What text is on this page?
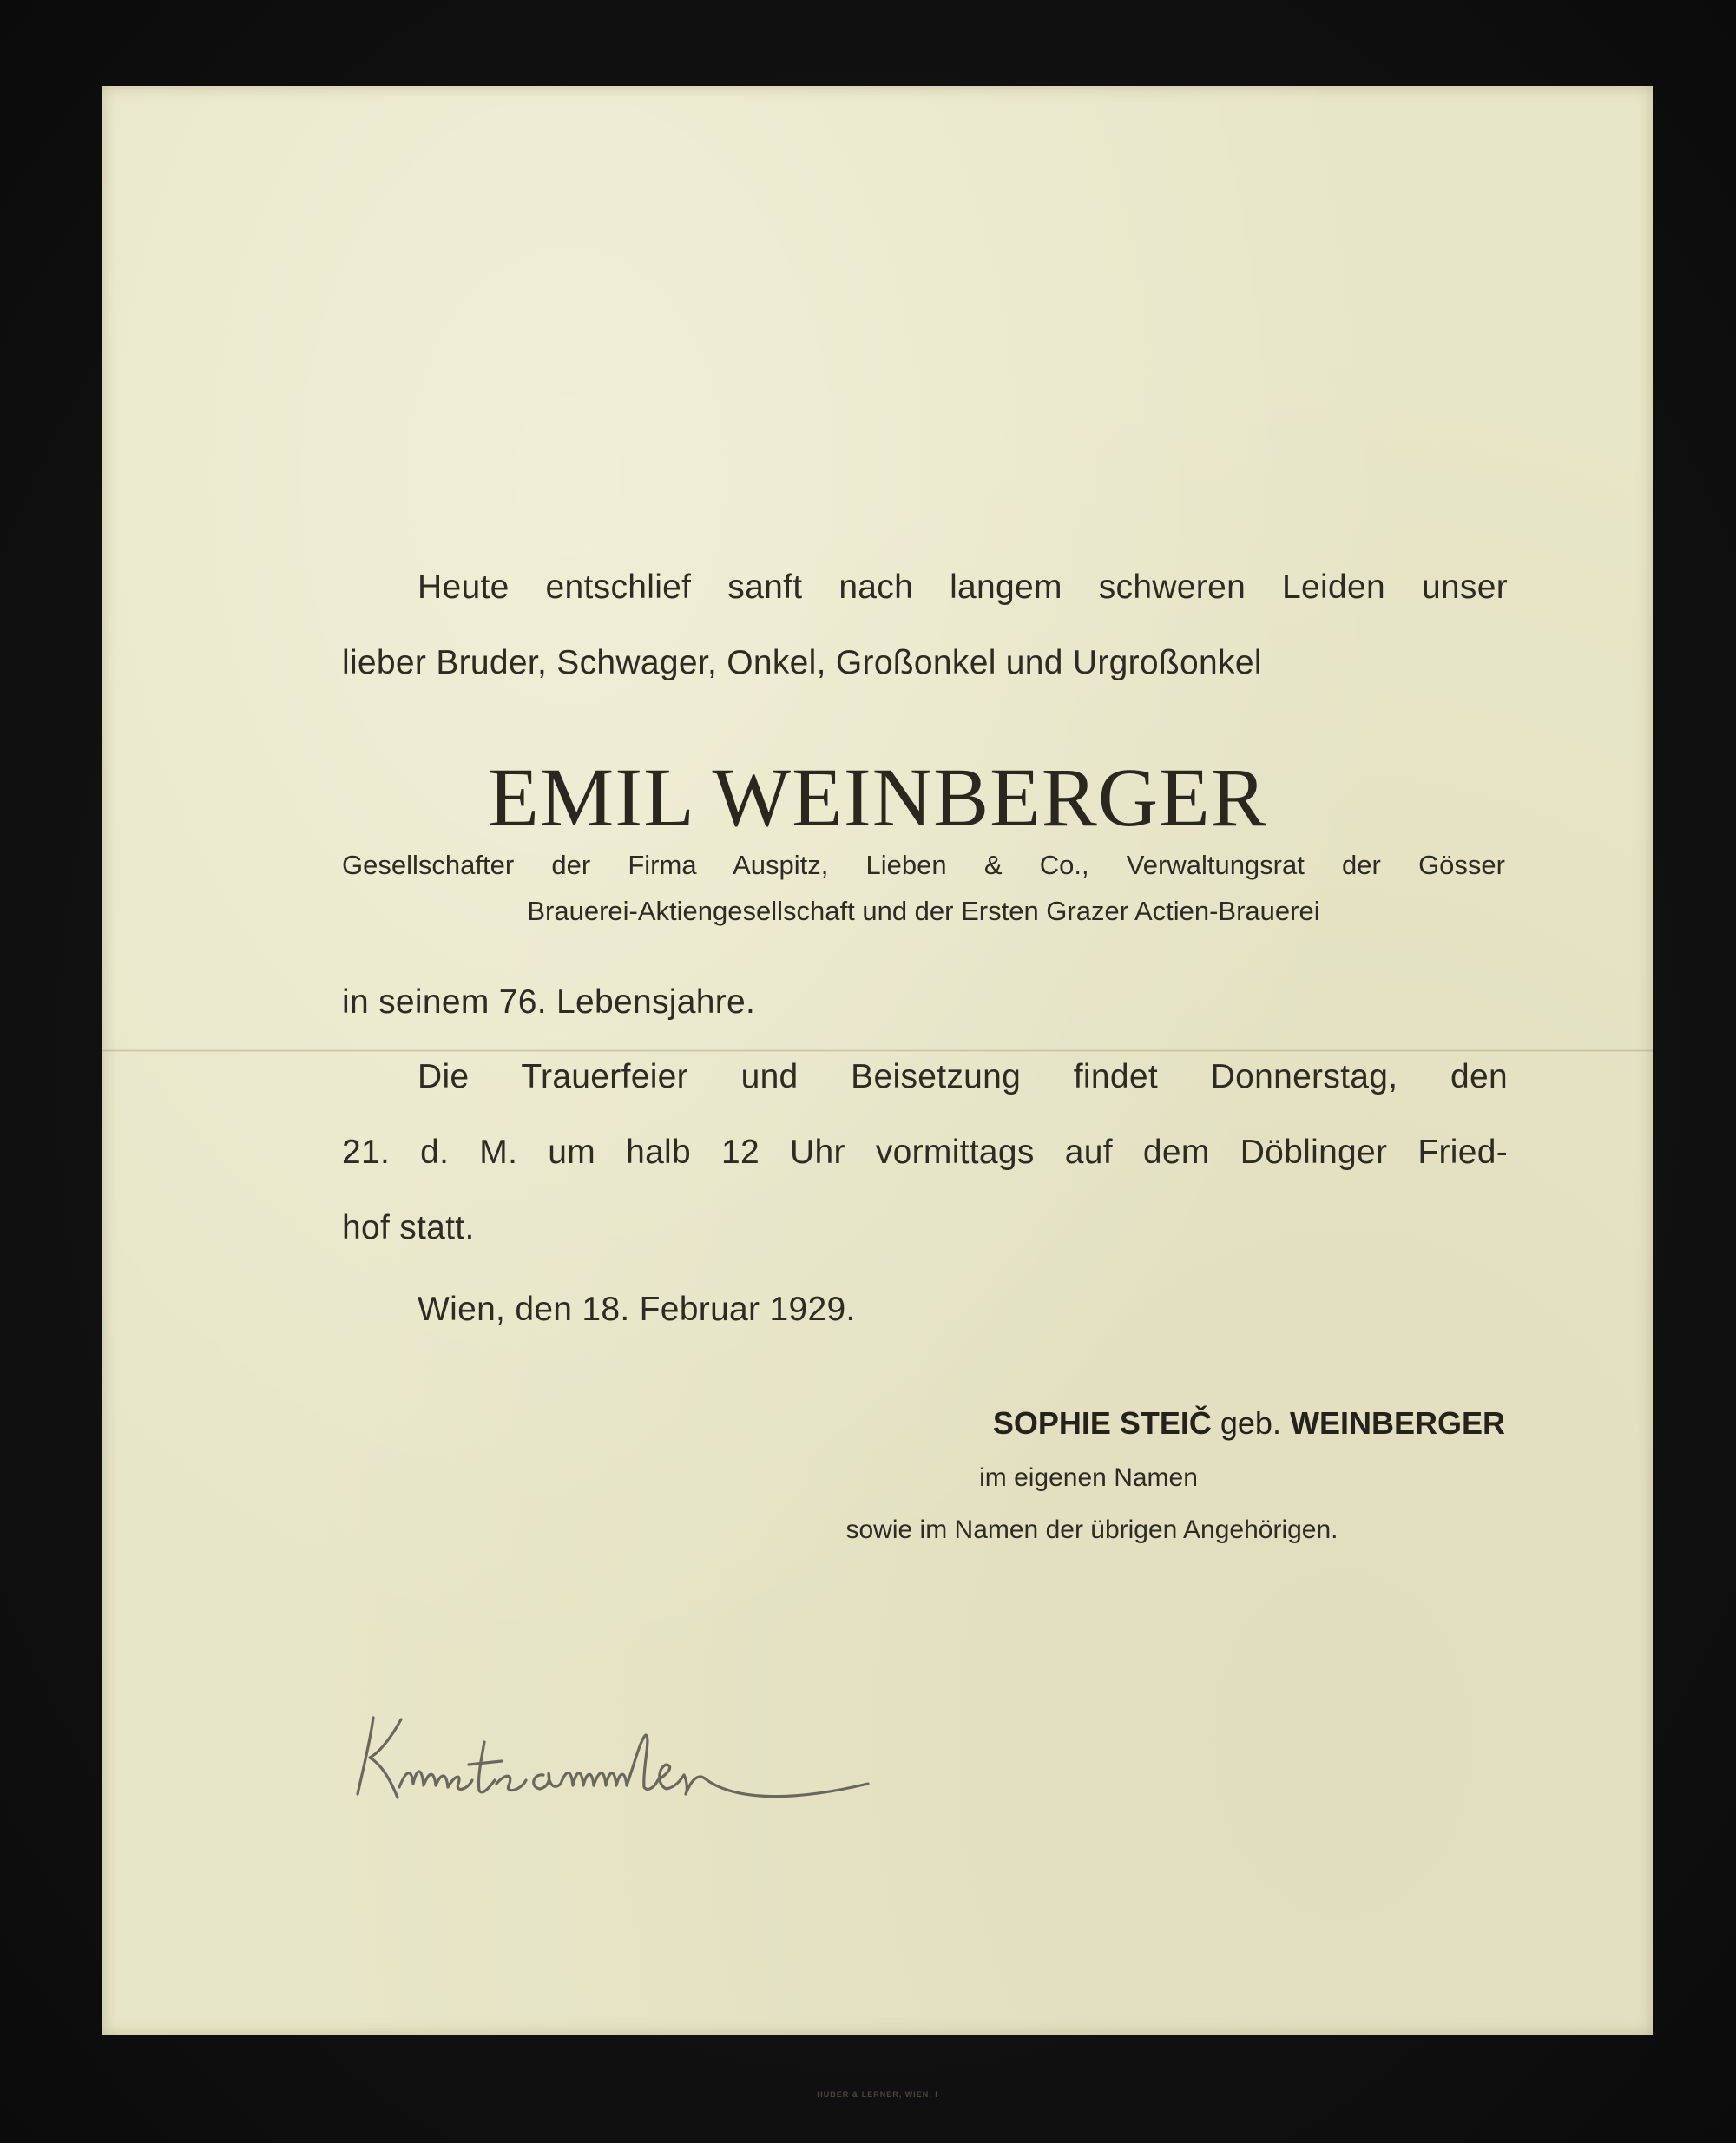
Heute entschlief sanft nach langem schweren Leiden unser
lieber Bruder, Schwager, Onkel, Großonkel und Urgroßonkel
EMIL WEINBERGER
Gesellschafter der Firma Auspitz, Lieben & Co., Verwaltungsrat der Gösser
Brauerei-Aktiengesellschaft und der Ersten Grazer Actien-Brauerei
in seinem 76. Lebensjahre.
Die Trauerfeier und Beisetzung findet Donnerstag, den
21. d. M. um halb 12 Uhr vormittags auf dem Döblinger Fried-
hof statt.
Wien, den 18. Februar 1929.
SOPHIE STEIČ geb. WEINBERGER
im eigenen Namen
sowie im Namen der übrigen Angehörigen.
HUBER & LERNER, WIEN, I
